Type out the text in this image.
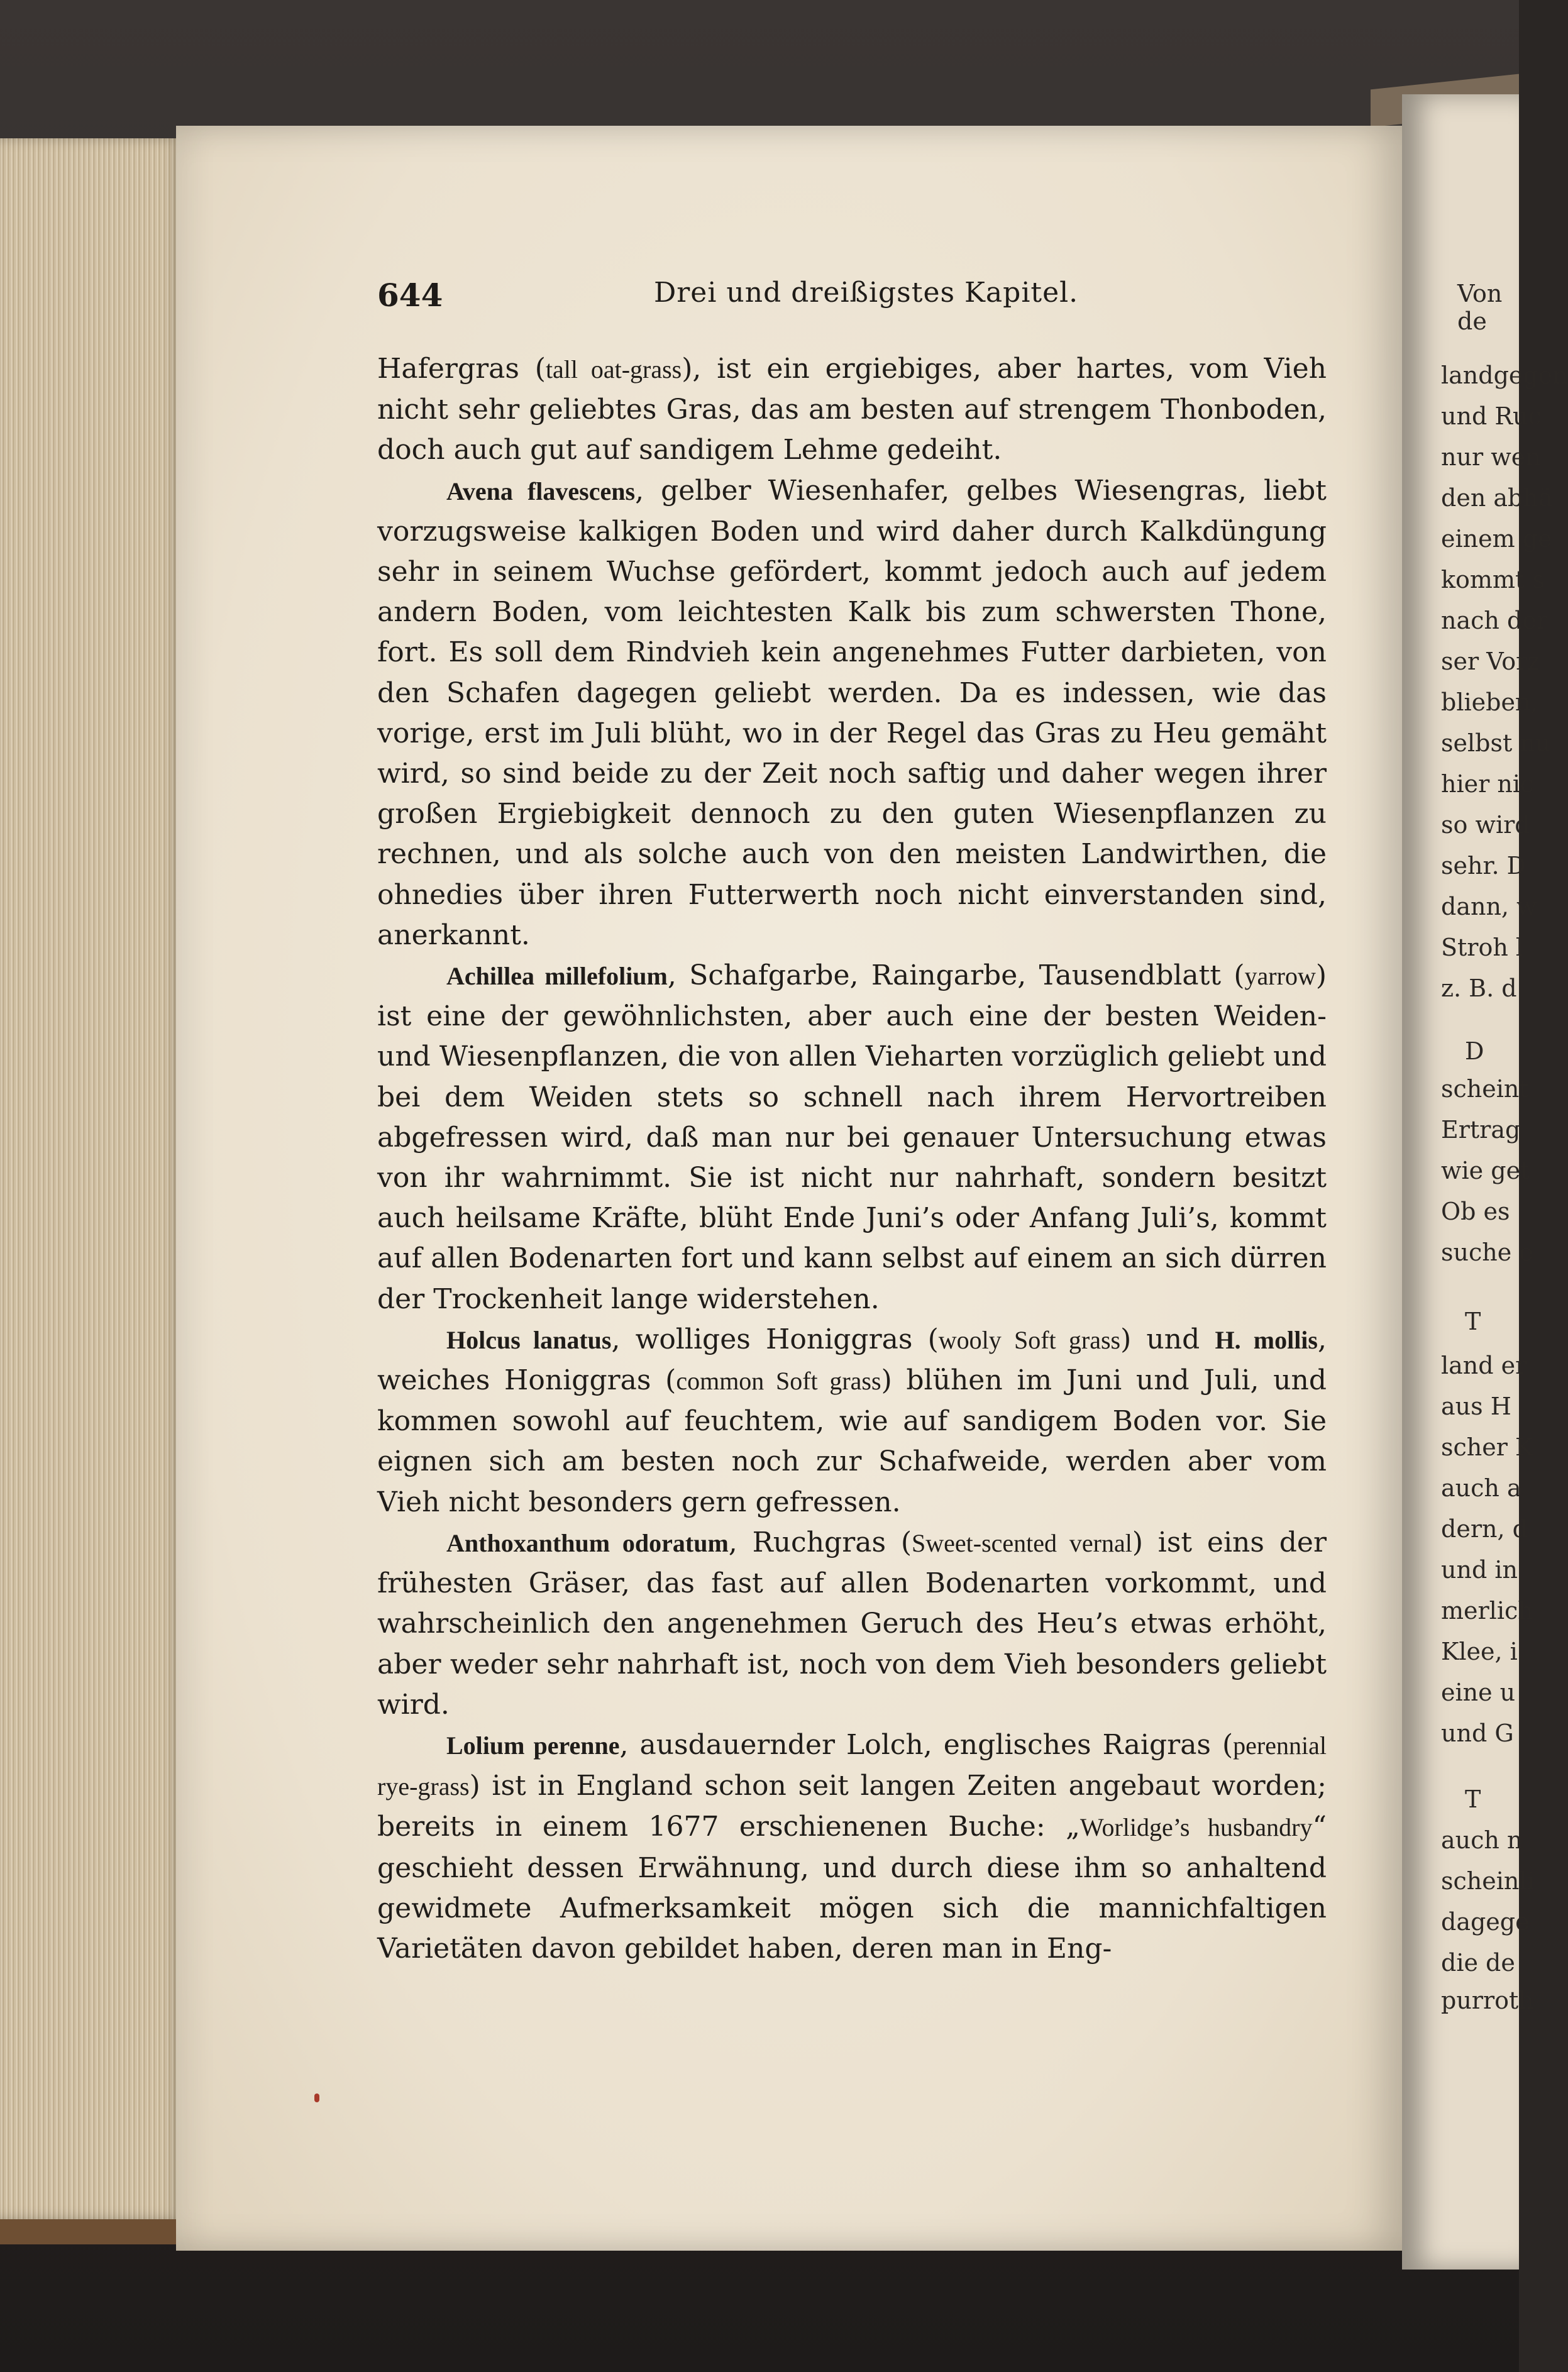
644	Drei und dreißigstes Kapitel.

Hafergras (tall oat-grass), ist ein ergiebiges, aber hartes, vom Vieh nicht sehr geliebtes Gras, das am besten auf strengem Thonboden, doch auch gut auf sandigem Lehme gedeiht.

Avena flavescens, gelber Wiesenhafer, gelbes Wiesengras, liebt vorzugsweise kalkigen Boden und wird daher durch Kalkdüngung sehr in seinem Wuchse gefördert, kommt jedoch auch auf jedem andern Boden, vom leichtesten Kalk bis zum schwersten Thone, fort. Es soll dem Rindvieh kein angenehmes Futter darbieten, von den Schafen dagegen geliebt werden. Da es indessen, wie das vorige, erst im Juli blüht, wo in der Regel das Gras zu Heu gemäht wird, so sind beide zu der Zeit noch saftig und daher wegen ihrer großen Ergiebigkeit dennoch zu den guten Wiesenpflanzen zu rechnen, und als solche auch von den meisten Landwirthen, die ohnedies über ihren Futterwerth noch nicht einverstanden sind, anerkannt.

Achillea millefolium, Schafgarbe, Raingarbe, Tausendblatt (yarrow) ist eine der gewöhnlichsten, aber auch eine der besten Weiden- und Wiesenpflanzen, die von allen Vieharten vorzüglich geliebt und bei dem Weiden stets so schnell nach ihrem Hervortreiben abgefressen wird, daß man nur bei genauer Untersuchung etwas von ihr wahrnimmt. Sie ist nicht nur nahrhaft, sondern besitzt auch heilsame Kräfte, blüht Ende Juni’s oder Anfang Juli’s, kommt auf allen Bodenarten fort und kann selbst auf einem an sich dürren der Trockenheit lange widerstehen.

Holcus lanatus, wolliges Honiggras (wooly Soft grass) und H. mollis, weiches Honiggras (common Soft grass) blühen im Juni und Juli, und kommen sowohl auf feuchtem, wie auf sandigem Boden vor. Sie eignen sich am besten noch zur Schafweide, werden aber vom Vieh nicht besonders gern gefressen.

Anthoxanthum odoratum, Ruchgras (Sweet-scented vernal) ist eins der frühesten Gräser, das fast auf allen Bodenarten vorkommt, und wahrscheinlich den angenehmen Geruch des Heu’s etwas erhöht, aber weder sehr nahrhaft ist, noch von dem Vieh besonders geliebt wird.

Lolium perenne, ausdauernder Lolch, englisches Raigras (perennial rye-grass) ist in England schon seit langen Zeiten angebaut worden; bereits in einem 1677 erschienenen Buche: „Worlidge’s husbandry“ geschieht dessen Erwähnung, und durch diese ihm so anhaltend gewidmete Aufmerksamkeit mögen sich die mannichfaltigen Varietäten davon gebildet haben, deren man in Eng-

Von de
landgegen
und Ruc
nur wen
den abhä
einem ge
kommt s
nach der
ser Vorz
blieben,
selbst nu
hier nic
so wird
sehr. D
dann, w
Stroh l
z. B. d
D
scheint
Ertrag
wie get
Ob es
suche e
T
land er
aus H
scher K
auch a
dern, d
und in
merlich
Klee, i
eine u
und G
T
auch n
scheinli
dagege
die de
purroth
